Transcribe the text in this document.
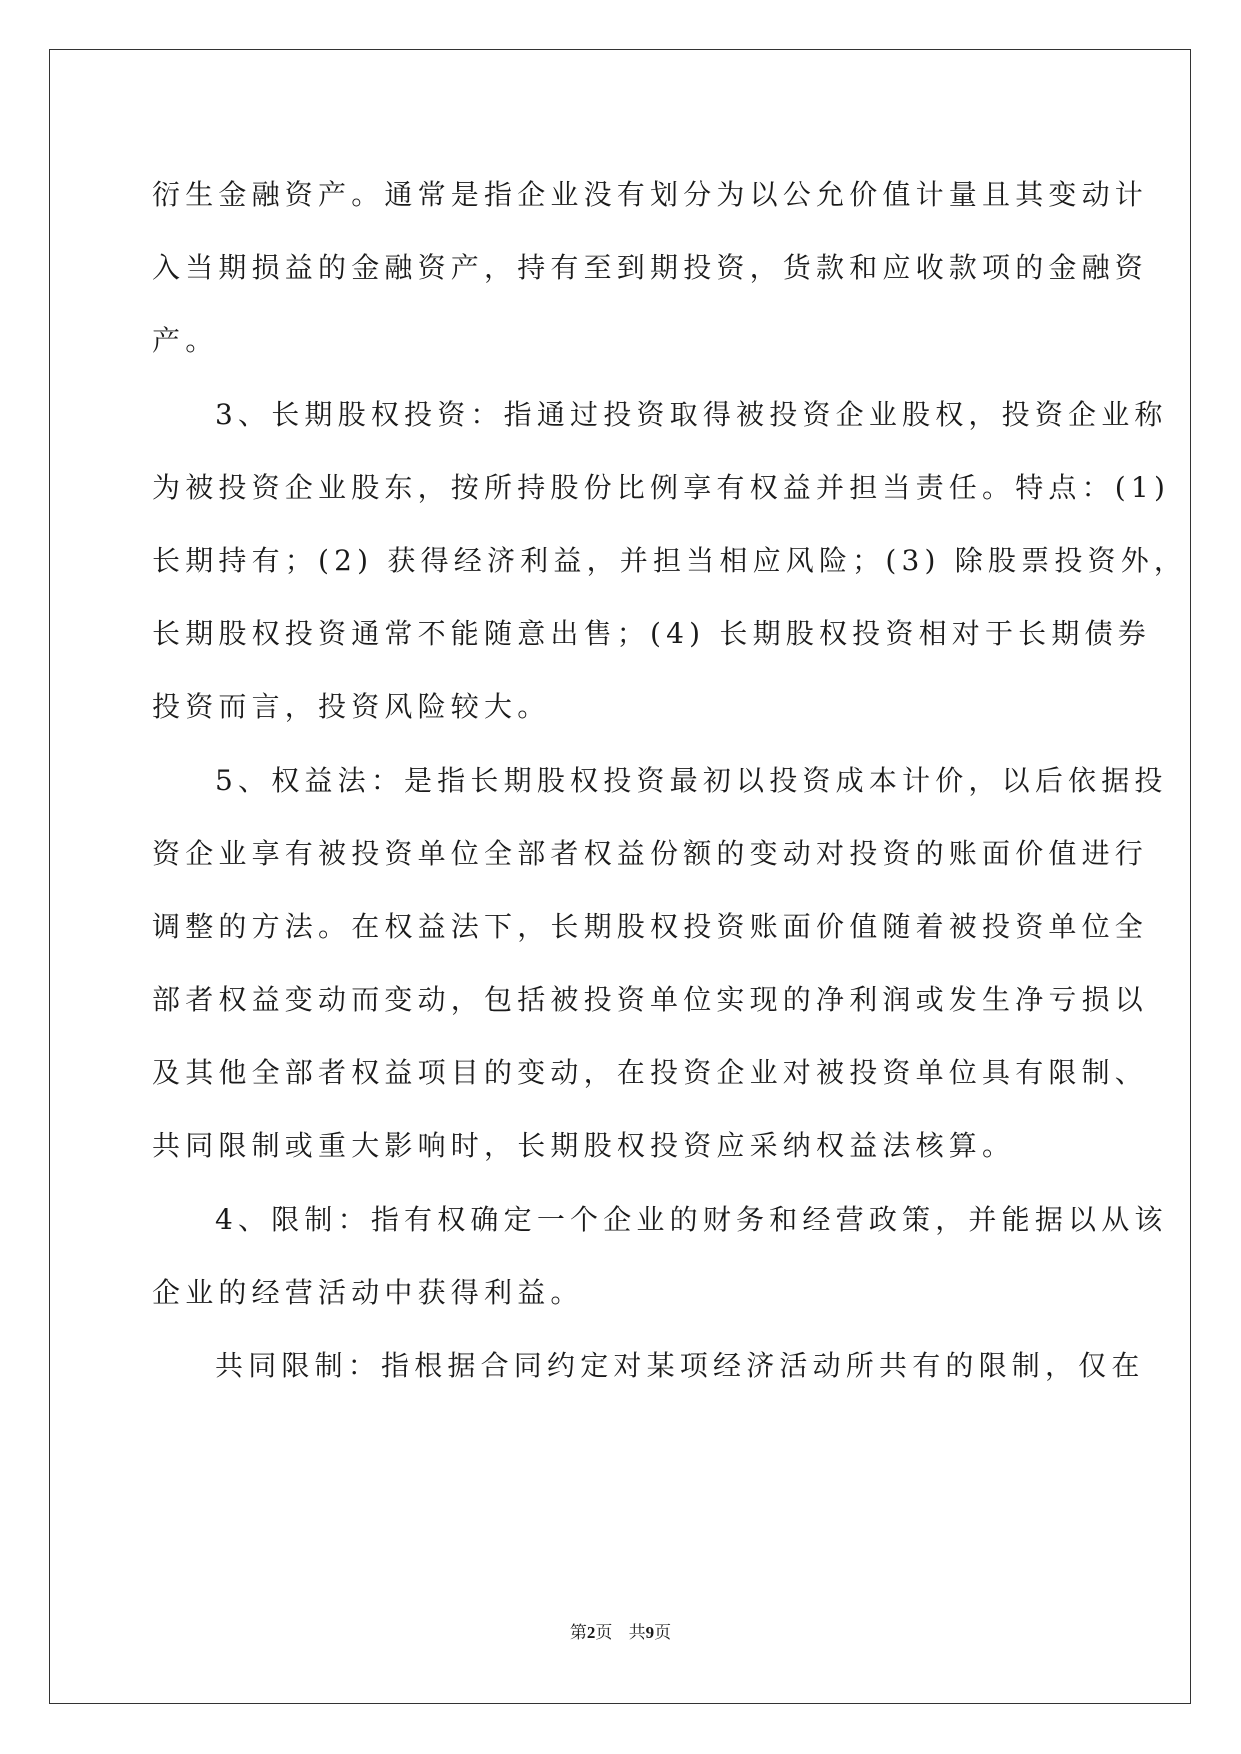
衍生金融资产。通常是指企业没有划分为以公允价值计量且其变动计
入当期损益的金融资产，持有至到期投资，货款和应收款项的金融资
产。
3、长期股权投资：指通过投资取得被投资企业股权，投资企业称
为被投资企业股东，按所持股份比例享有权益并担当责任。特点：(1)
长期持有；(2) 获得经济利益，并担当相应风险；(3) 除股票投资外，
长期股权投资通常不能随意出售；(4) 长期股权投资相对于长期债券
投资而言，投资风险较大。
5、权益法：是指长期股权投资最初以投资成本计价，以后依据投
资企业享有被投资单位全部者权益份额的变动对投资的账面价值进行
调整的方法。在权益法下，长期股权投资账面价值随着被投资单位全
部者权益变动而变动，包括被投资单位实现的净利润或发生净亏损以
及其他全部者权益项目的变动，在投资企业对被投资单位具有限制、
共同限制或重大影响时，长期股权投资应采纳权益法核算。
4、限制：指有权确定一个企业的财务和经营政策，并能据以从该
企业的经营活动中获得利益。
共同限制：指根据合同约定对某项经济活动所共有的限制，仅在
第2页 共9页
